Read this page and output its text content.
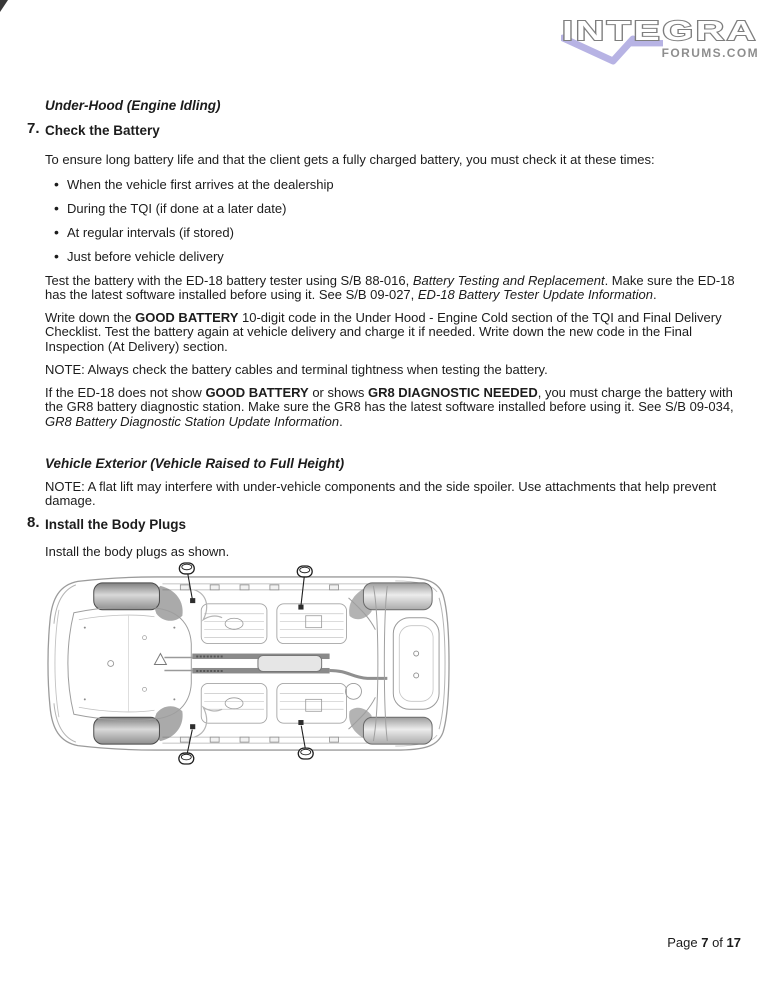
INTEGRA
FORUMS.COM

Under-Hood (Engine Idling)

7. Check the Battery

To ensure long battery life and that the client gets a fully charged battery, you must check it at these times:

• When the vehicle first arrives at the dealership
• During the TQI (if done at a later date)
• At regular intervals (if stored)
• Just before vehicle delivery

Test the battery with the ED-18 battery tester using S/B 88-016, Battery Testing and Replacement. Make sure the ED-18 has the latest software installed before using it. See S/B 09-027, ED-18 Battery Tester Update Information.

Write down the GOOD BATTERY 10-digit code in the Under Hood - Engine Cold section of the TQI and Final Delivery Checklist. Test the battery again at vehicle delivery and charge it if needed. Write down the new code in the Final Inspection (At Delivery) section.

NOTE: Always check the battery cables and terminal tightness when testing the battery.

If the ED-18 does not show GOOD BATTERY or shows GR8 DIAGNOSTIC NEEDED, you must charge the battery with the GR8 battery diagnostic station. Make sure the GR8 has the latest software installed before using it. See S/B 09-034, GR8 Battery Diagnostic Station Update Information.

Vehicle Exterior (Vehicle Raised to Full Height)

NOTE: A flat lift may interfere with under-vehicle components and the side spoiler. Use attachments that help prevent damage.

8. Install the Body Plugs

Install the body plugs as shown.

Page 7 of 17
